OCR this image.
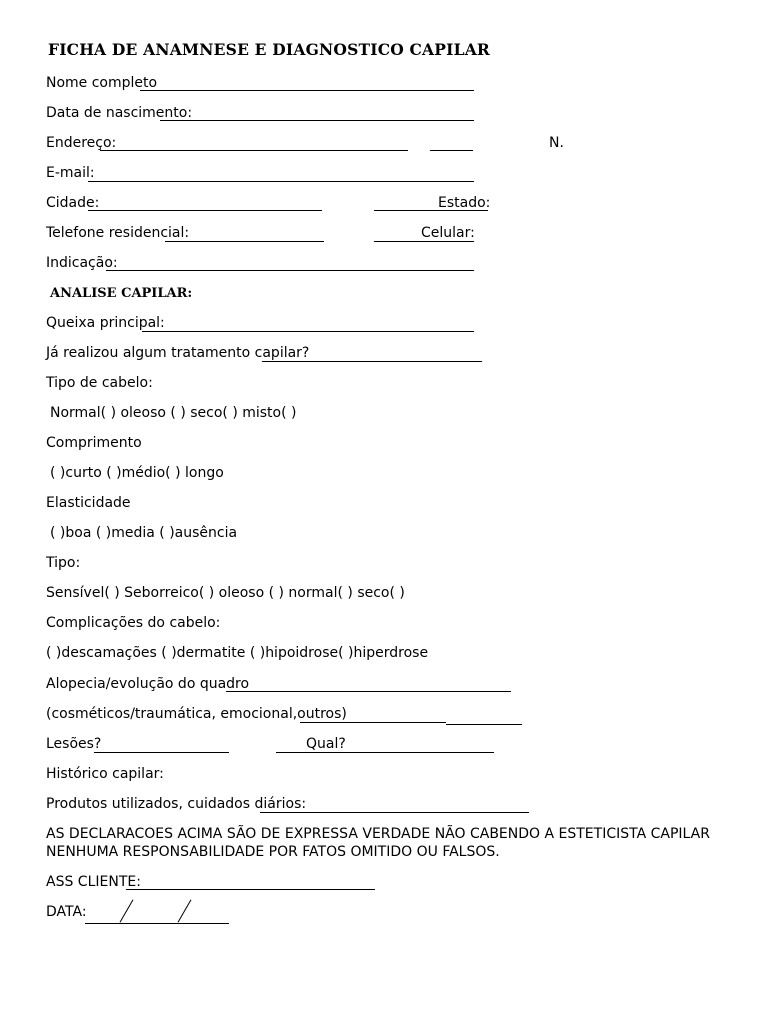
FICHA DE ANAMNESE E DIAGNOSTICO CAPILAR
Nome completo
Data de nascimento:
Endereço:	N.
E-mail:
Cidade:	Estado:
Telefone residencial:	Celular:
Indicação:
ANALISE CAPILAR:
Queixa principal:
Já realizou algum tratamento capilar?
Tipo de cabelo:
Normal( ) oleoso ( ) seco( ) misto( )
Comprimento
( )curto ( )médio( ) longo
Elasticidade
( )boa ( )media ( )ausência
Tipo:
Sensível( ) Seborreico( ) oleoso ( ) normal( ) seco( )
Complicações do cabelo:
( )descamações ( )dermatite ( )hipoidrose( )hiperdrose
Alopecia/evolução do quadro
(cosméticos/traumática, emocional,outros)
Lesões?	Qual?
Histórico capilar:
Produtos utilizados, cuidados diários:
AS DECLARACOES ACIMA SÃO DE EXPRESSA VERDADE NÃO CABENDO A ESTETICISTA CAPILAR NENHUMA RESPONSABILIDADE POR FATOS OMITIDO OU FALSOS.
ASS CLIENTE:
DATA:
